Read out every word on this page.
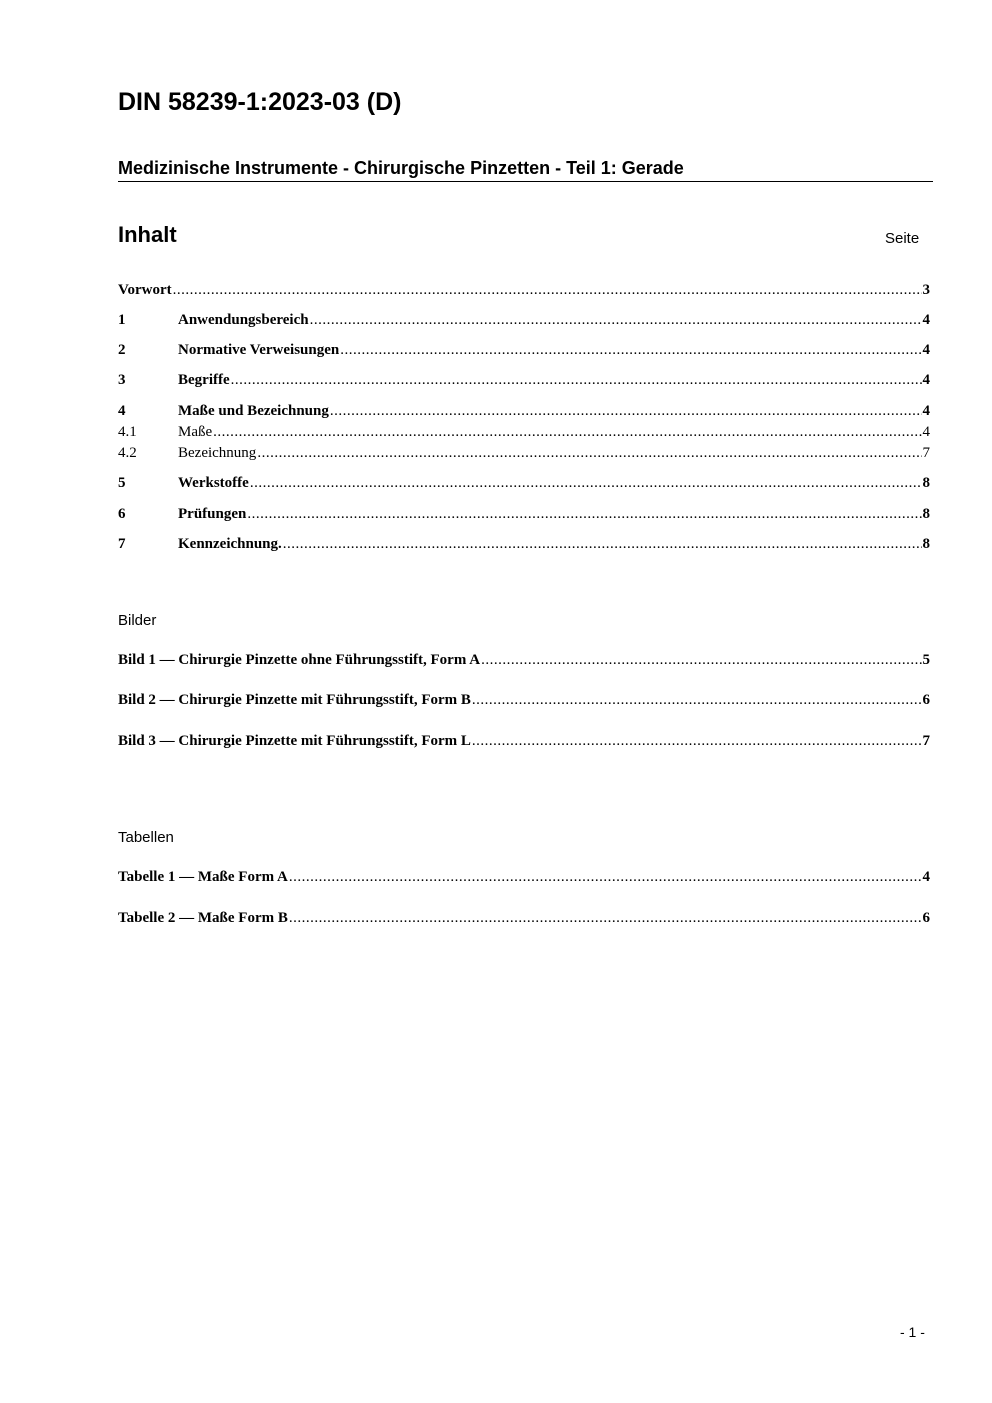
DIN 58239-1:2023-03 (D)
Medizinische Instrumente - Chirurgische Pinzetten - Teil 1: Gerade
Inhalt	Seite
Vorwort .....	3
1	Anwendungsbereich .....	4
2	Normative Verweisungen .....	4
3	Begriffe .....	4
4	Maße und Bezeichnung .....	4
4.1	Maße .....	4
4.2	Bezeichnung .....	7
5	Werkstoffe .....	8
6	Prüfungen .....	8
7	Kennzeichnung. .....	8
Bilder
Bild 1 — Chirurgie Pinzette ohne Führungsstift, Form A .....	5
Bild 2 — Chirurgie Pinzette mit Führungsstift, Form B .....	6
Bild 3 — Chirurgie Pinzette mit Führungsstift, Form L .....	7
Tabellen
Tabelle 1 — Maße Form A .....	4
Tabelle 2 — Maße Form B .....	6
- 1 -
